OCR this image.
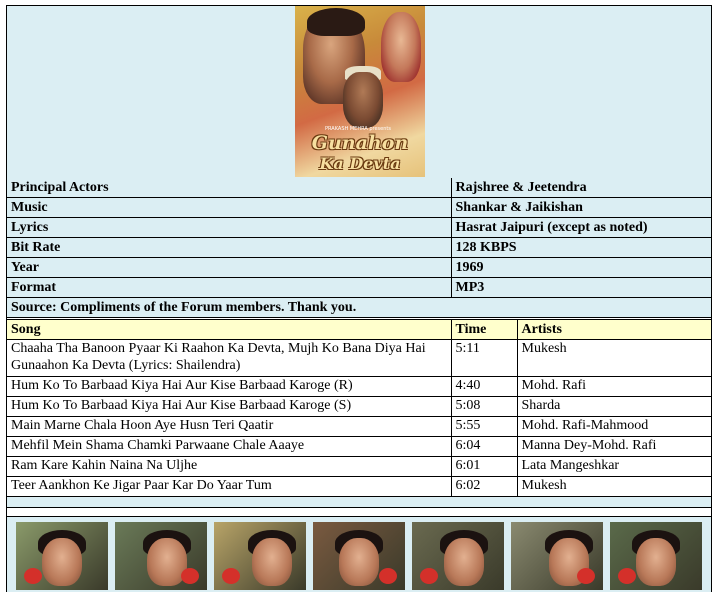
PRAKASH MEHRA presents
Gunahon
Ka Devta
Principal Actors	Rajshree & Jeetendra
Music	Shankar & Jaikishan
Lyrics	Hasrat Jaipuri (except as noted)
Bit Rate	128 KBPS
Year	1969
Format	MP3
Source: Compliments of the Forum members. Thank you.	
Song	Time	Artists
Chaaha Tha Banoon Pyaar Ki Raahon Ka Devta, Mujh Ko Bana Diya Hai Gunaahon Ka Devta (Lyrics: Shailendra)	5:11	Mukesh
Hum Ko To Barbaad Kiya Hai Aur Kise Barbaad Karoge (R)	4:40	Mohd. Rafi
Hum Ko To Barbaad Kiya Hai Aur Kise Barbaad Karoge (S)	5:08	Sharda
Main Marne Chala Hoon Aye Husn Teri Qaatir	5:55	Mohd. Rafi-Mahmood
Mehfil Mein Shama Chamki Parwaane Chale Aaaye	6:04	Manna Dey-Mohd. Rafi
Ram Kare Kahin Naina Na Uljhe	6:01	Lata Mangeshkar
Teer Aankhon Ke Jigar Paar Kar Do Yaar Tum	6:02	Mukesh
